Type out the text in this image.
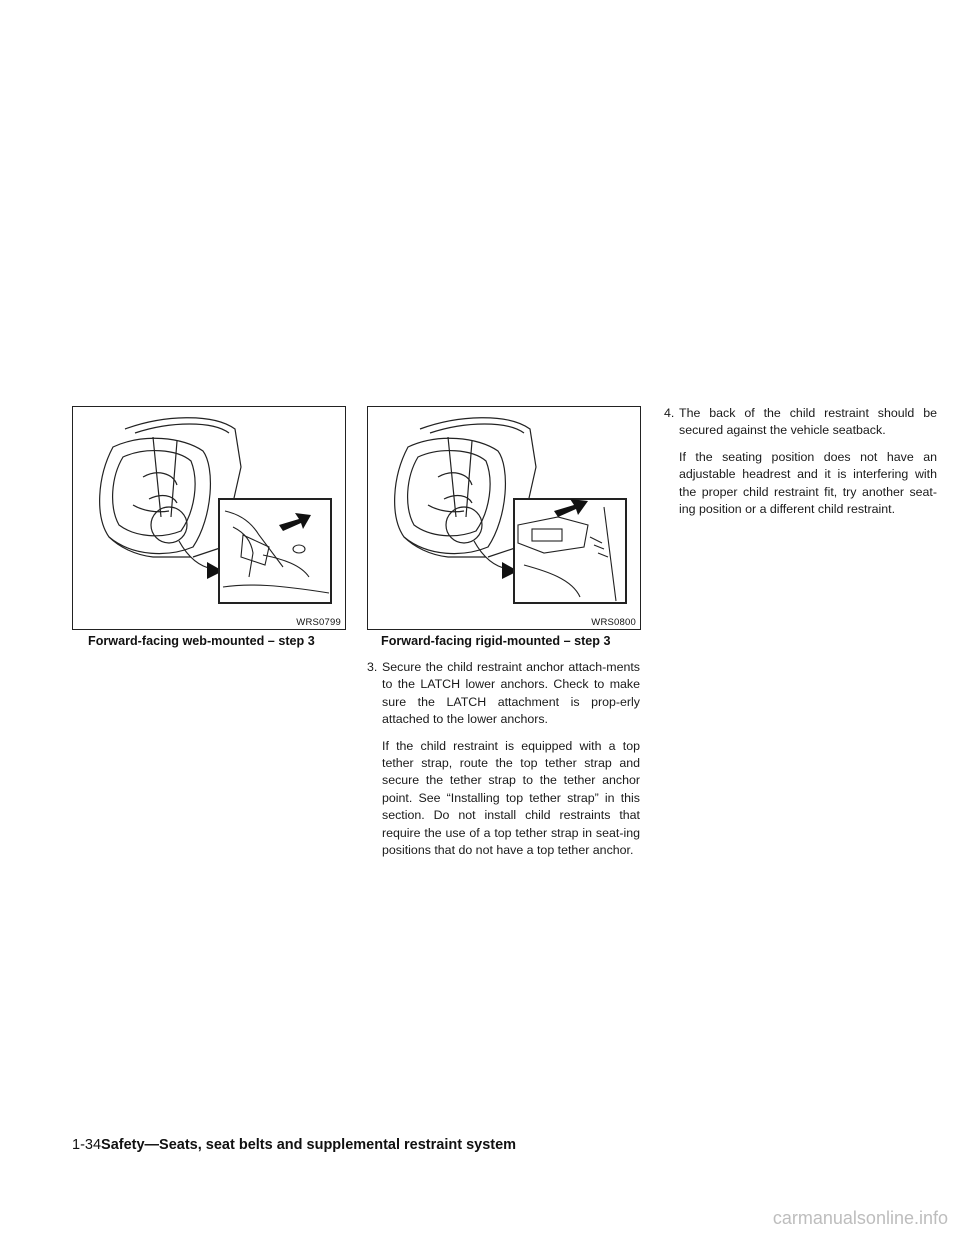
WRS0799
Forward-facing web-mounted – step 3
WRS0800
Forward-facing rigid-mounted – step 3
3. Secure the child restraint anchor attach-ments to the LATCH lower anchors. Check to make sure the LATCH attachment is prop-erly attached to the lower anchors.

If the child restraint is equipped with a top tether strap, route the top tether strap and secure the tether strap to the tether anchor point. See “Installing top tether strap” in this section. Do not install child restraints that require the use of a top tether strap in seat-ing positions that do not have a top tether anchor.

4. The back of the child restraint should be secured against the vehicle seatback.

If the seating position does not have an adjustable headrest and it is interfering with the proper child restraint fit, try another seat-ing position or a different child restraint.

1-34Safety—Seats, seat belts and supplemental restraint system
carmanualsonline.info
